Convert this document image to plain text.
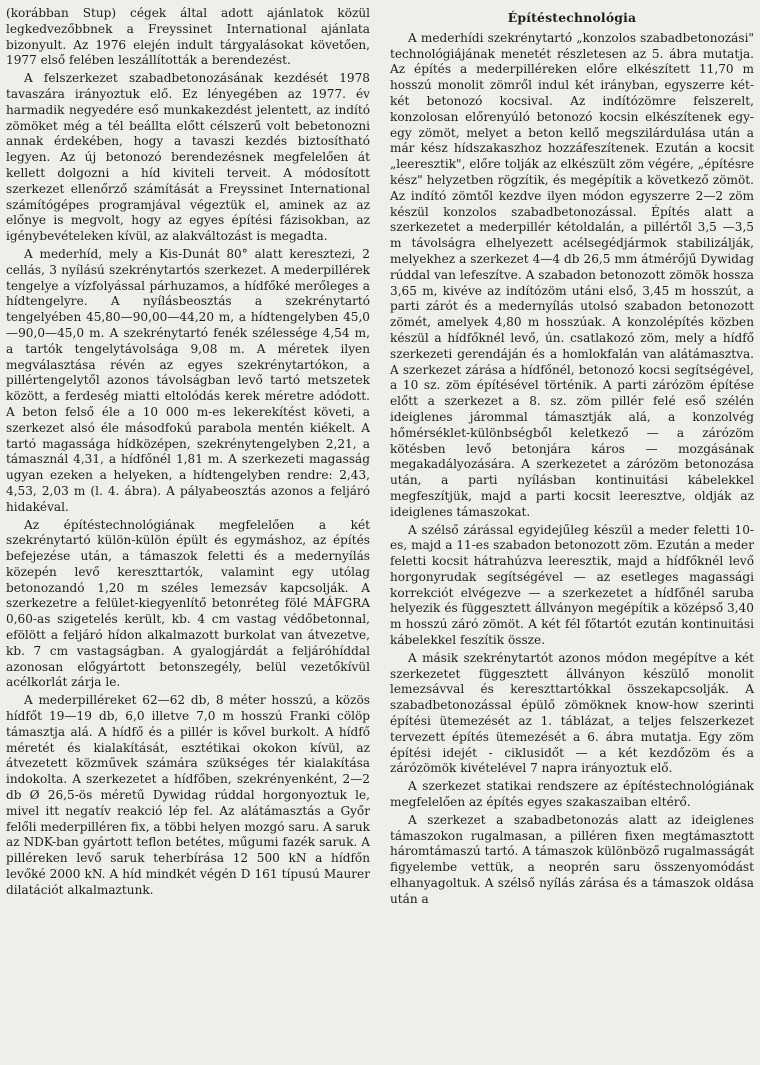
(korábban Stup) cégek által adott ajánlatok közül legkedvezőbbnek a Freyssinet International ajánlata bizonyult. Az 1976 elején indult tárgyalásokat követően, 1977 első felében leszállították a berendezést.

A felszerkezet szabadbetonozásának kezdését 1978 tavaszára irányoztuk elő. Ez lényegében az 1977. év harmadik negyedére eső munkakezdést jelentett, az indító zömöket még a tél beállta előtt célszerű volt bebetonozni annak érdekében, hogy a tavaszi kezdés biztosítható legyen. Az új betonozó berendezésnek megfelelően át kellett dolgozni a híd kiviteli terveit. A módosított szerkezet ellenőrző számítását a Freyssinet International számítógépes programjával végeztük el, aminek az az előnye is megvolt, hogy az egyes építési fázisokban, az igénybevételeken kívül, az alakváltozást is megadta.

A mederhíd, mely a Kis-Dunát 80° alatt keresztezi, 2 cellás, 3 nyílású szekrénytartós szerkezet. A mederpillérek tengelye a vízfolyással párhuzamos, a hídfőké merőleges a hídtengelyre. A nyílásbeosztás a szekrénytartó tengelyében 45,80—90,00—44,20 m, a hídtengelyben 45,0—90,0—45,0 m. A szekrénytartó fenék szélessége 4,54 m, a tartók tengelytávolsága 9,08 m. A méretek ilyen megválasztása révén az egyes szekrénytartókon, a pillértengelytől azonos távolságban levő tartó metszetek között, a ferdeség miatti eltolódás kerek méretre adódott. A beton felső éle a 10 000 m-es lekerekítést követi, a szerkezet alsó éle másodfokú parabola mentén kiékelt. A tartó magassága hídközépen, szekrénytengelyben 2,21, a támasznál 4,31, a hídfőnél 1,81 m. A szerkezeti magasság ugyan ezeken a helyeken, a hídtengelyben rendre: 2,43, 4,53, 2,03 m (l. 4. ábra). A pályabeosztás azonos a feljáró hidakéval.

Az építéstechnológiának megfelelően a két szekrénytartó külön-külön épült és egymáshoz, az építés befejezése után, a támaszok feletti és a medernyílás közepén levő kereszttartók, valamint egy utólag betonozandó 1,20 m széles lemezsáv kapcsolják. A szerkezetre a felület-kiegyenlítő betonréteg fölé MÁFGRA 0,60-as szigetelés került, kb. 4 cm vastag védőbetonnal, efölött a feljáró hídon alkalmazott burkolat van átvezetve, kb. 7 cm vastagságban. A gyalogjárdát a feljáróhíddal azonosan előgyártott betonszegély, belül vezetőkívül acélkorlát zárja le.

A mederpilléreket 62—62 db, 8 méter hosszú, a közös hídfőt 19—19 db, 6,0 illetve 7,0 m hosszú Franki cölöp támasztja alá. A hídfő és a pillér is kővel burkolt. A hídfő méretét és kialakítását, esztétikai okokon kívül, az átvezetett közművek számára szükséges tér kialakítása indokolta. A szerkezetet a hídfőben, szekrényenként, 2—2 db Ø 26,5-ös méretű Dywidag rúddal horgonyoztuk le, mivel itt negatív reakció lép fel. Az alátámasztás a Győr felőli mederpilléren fix, a többi helyen mozgó saru. A saruk az NDK-ban gyártott teflon betétes, műgumi fazék saruk. A pilléreken levő saruk teherbírása 12 500 kN a hídfőn levőké 2000 kN. A híd mindkét végén D 161 típusú Maurer dilatációt alkalmaztunk.

Építéstechnológia

A mederhídi szekrénytartó „konzolos szabadbetonozási" technológiájának menetét részletesen az 5. ábra mutatja. Az építés a mederpilléreken előre elkészített 11,70 m hosszú monolit zömről indul két irányban, egyszerre két-két betonozó kocsival. Az indítózömre felszerelt, konzolosan előrenyúló betonozó kocsin elkészítenek egy-egy zömöt, melyet a beton kellő megszilárdulása után a már kész hídszakaszhoz hozzáfeszítenek. Ezután a kocsit „leeresztik", előre tolják az elkészült zöm végére, „építésre kész" helyzetben rögzítik, és megépítik a következő zömöt. Az indító zömtől kezdve ilyen módon egyszerre 2—2 zöm készül konzolos szabadbetonozással. Építés alatt a szerkezetet a mederpillér kétoldalán, a pillértől 3,5 —3,5 m távolságra elhelyezett acélsegédjármok stabilizálják, melyekhez a szerkezet 4—4 db 26,5 mm átmérőjű Dywidag rúddal van lefeszítve. A szabadon betonozott zömök hossza 3,65 m, kivéve az indítózöm utáni első, 3,45 m hosszút, a parti zárót és a medernyílás utolsó szabadon betonozott zömét, amelyek 4,80 m hosszúak. A konzolépítés közben készül a hídfőknél levő, ún. csatlakozó zöm, mely a hídfő szerkezeti gerendáján és a homlokfalán van alátámasztva. A szerkezet zárása a hídfőnél, betonozó kocsi segítségével, a 10 sz. zöm építésével történik. A parti zárózöm építése előtt a szerkezet a 8. sz. zöm pillér felé eső szélén ideiglenes járommal támasztják alá, a konzolvég hőmérséklet-különbségből keletkező — a zárózöm kötésben levő betonjára káros — mozgásának megakadályozására. A szerkezetet a zárózöm betonozása után, a parti nyílásban kontinuitási kábelekkel megfeszítjük, majd a parti kocsit leeresztve, oldják az ideiglenes támaszokat.

A szélső zárással egyidejűleg készül a meder feletti 10-es, majd a 11-es szabadon betonozott zöm. Ezután a meder feletti kocsit hátrahúzva leeresztik, majd a hídfőknél levő horgonyrudak segítségével — az esetleges magassági korrekciót elvégezve — a szerkezetet a hídfőnél saruba helyezik és függesztett állványon megépítik a középső 3,40 m hosszú záró zömöt. A két fél főtartót ezután kontinuitási kábelekkel feszítik össze.

A másik szekrénytartót azonos módon megépítve a két szerkezetet függesztett állványon készülő monolit lemezsávval és kereszttartókkal összekapcsolják. A szabadbetonozással épülő zömöknek know-how szerinti építési ütemezését az 1. táblázat, a teljes felszerkezet tervezett építés ütemezését a 6. ábra mutatja. Egy zöm építési idejét - ciklusidőt — a két kezdőzöm és a zárózömök kivételével 7 napra irányoztuk elő.

A szerkezet statikai rendszere az építéstechnológiának megfelelően az építés egyes szakaszaiban eltérő.

A szerkezet a szabadbetonozás alatt az ideiglenes támaszokon rugalmasan, a pilléren fixen megtámasztott háromtámaszú tartó. A támaszok különböző rugalmasságát figyelembe vettük, a neoprén saru összenyomódást elhanyagoltuk. A szélső nyílás zárása és a támaszok oldása után a
